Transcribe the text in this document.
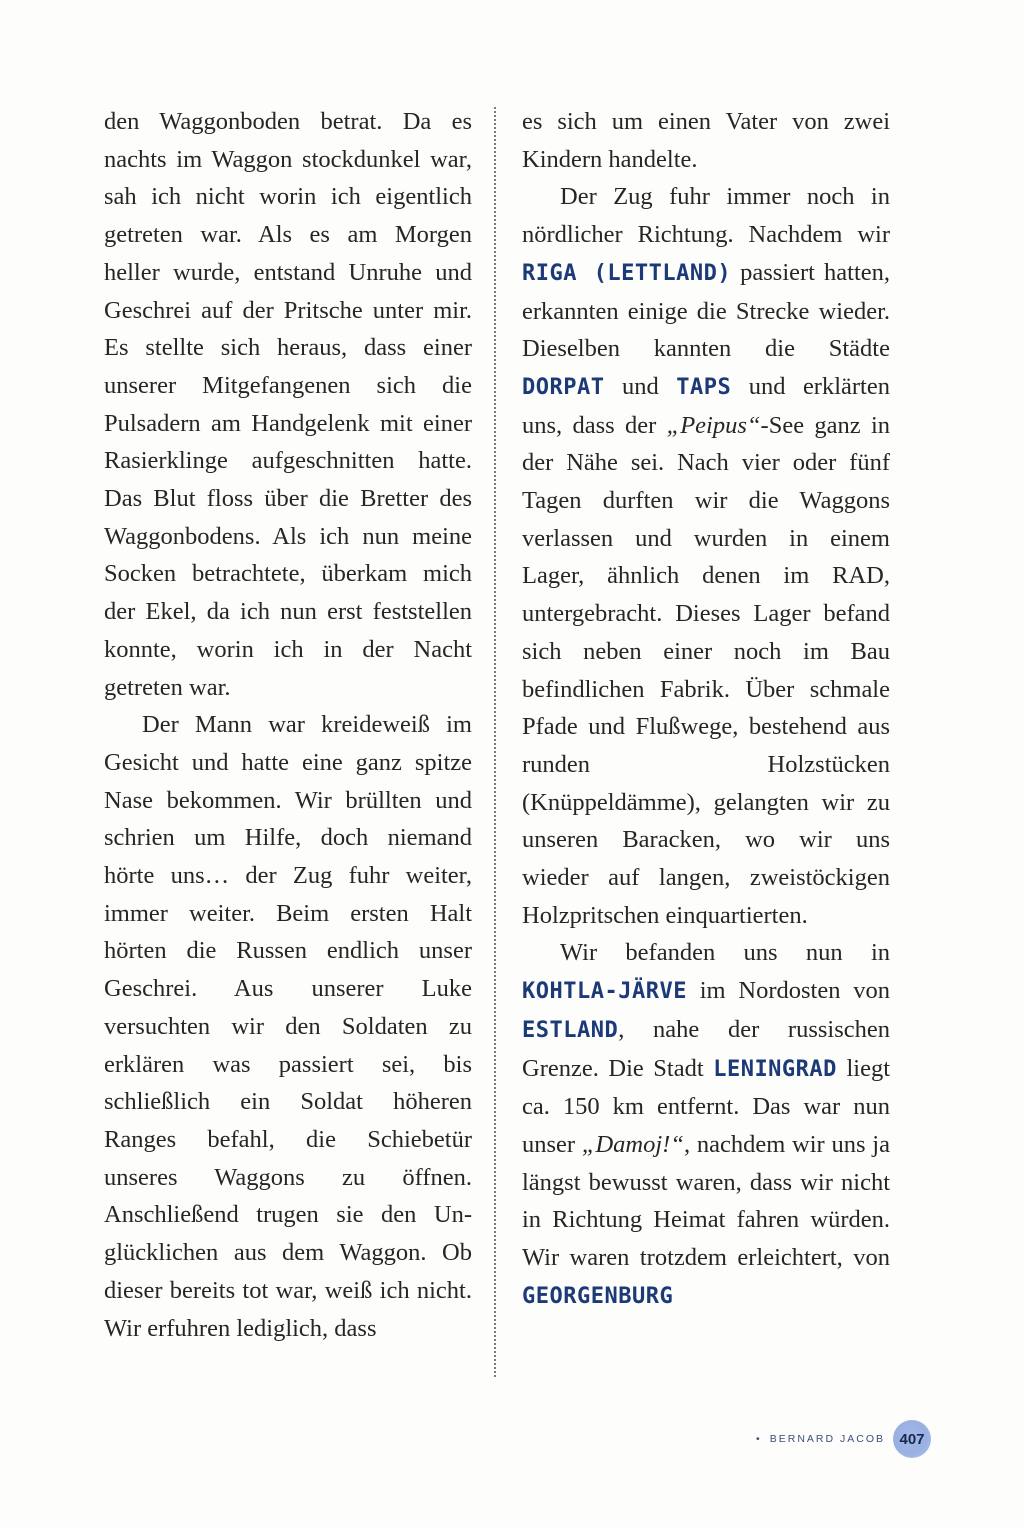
den Waggonboden betrat. Da es nachts im Waggon stockdunkel war, sah ich nicht worin ich eigentlich getreten war. Als es am Morgen heller wurde, entstand Unruhe und Geschrei auf der Pritsche unter mir. Es stellte sich heraus, dass einer unserer Mitgefangenen sich die Pulsadern am Handgelenk mit einer Rasierklinge aufgeschnitten hatte. Das Blut floss über die Bretter des Waggonbodens. Als ich nun meine Socken betrachtete, überkam mich der Ekel, da ich nun erst feststellen konnte, worin ich in der Nacht getreten war.

Der Mann war kreideweiß im Gesicht und hatte eine ganz spitze Nase bekommen. Wir brüllten und schrien um Hilfe, doch niemand hörte uns… der Zug fuhr weiter, immer weiter. Beim ersten Halt hörten die Russen endlich unser Geschrei. Aus unserer Luke versuchten wir den Soldaten zu erklären was passiert sei, bis schließlich ein Soldat höheren Ranges befahl, die Schiebetür unseres Waggons zu öffnen. Anschließend trugen sie den Unglücklichen aus dem Waggon. Ob dieser bereits tot war, weiß ich nicht. Wir erfuhren lediglich, dass

es sich um einen Vater von zwei Kindern handelte.

Der Zug fuhr immer noch in nördlicher Richtung. Nachdem wir RIGA (LETTLAND) passiert hatten, erkannten einige die Strecke wieder. Dieselben kannten die Städte DORPAT und TAPS und erklärten uns, dass der „Peipus“-See ganz in der Nähe sei. Nach vier oder fünf Tagen durften wir die Waggons verlassen und wurden in einem Lager, ähnlich denen im RAD, untergebracht. Dieses Lager befand sich neben einer noch im Bau befindlichen Fabrik. Über schmale Pfade und Flußwege, bestehend aus runden Holzstücken (Knüppeldämme), gelangten wir zu unseren Baracken, wo wir uns wieder auf langen, zweistöckigen Holzpritschen einquartierten.

Wir befanden uns nun in KOHTLA-JÄRVE im Nordosten von ESTLAND, nahe der russischen Grenze. Die Stadt LENINGRAD liegt ca. 150 km entfernt. Das war nun unser „Damoj!“, nachdem wir uns ja längst bewusst waren, dass wir nicht in Richtung Heimat fahren würden. Wir waren trotzdem erleichtert, von GEORGENBURG

• BERNARD JACOB 407
